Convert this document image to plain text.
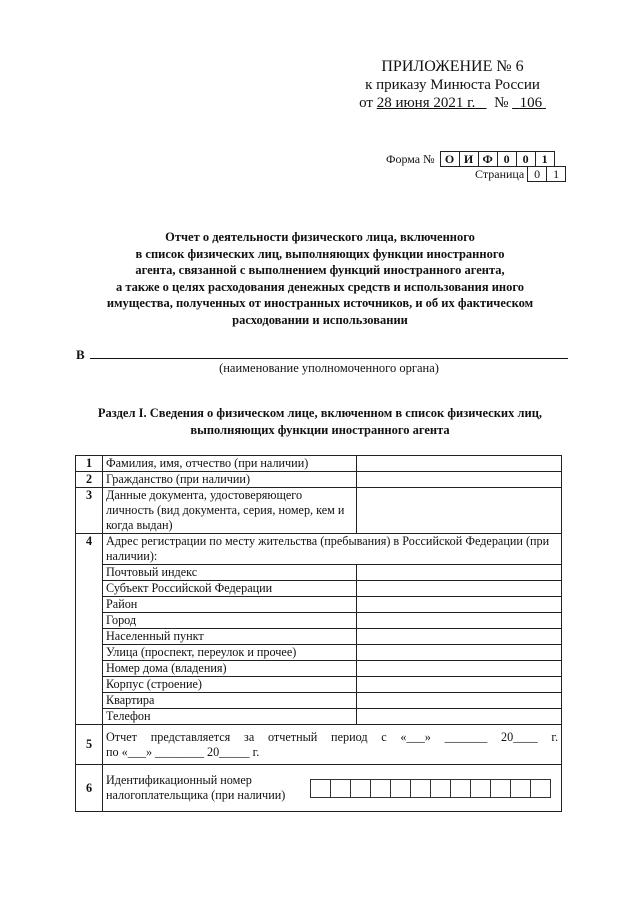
ПРИЛОЖЕНИЕ № 6
к приказу Минюста России
от 28 июня 2021 г. № 106
Форма № О И Ф 0	0	1
Страница 0	1
Отчет о деятельности физического лица, включенного
в список физических лиц, выполняющих функции иностранного
агента, связанной с выполнением функций иностранного агента,
а также о целях расходования денежных средств и использования иного
имущества, полученных от иностранных источников, и об их фактическом
расходовании и использовании
В
(наименование уполномоченного органа)
Раздел I. Сведения о физическом лице, включенном в список физических лиц,
выполняющих функции иностранного агента
1	Фамилия, имя, отчество (при наличии)	
2	Гражданство (при наличии)	
3	Данные документа, удостоверяющего личность (вид документа, серия, номер, кем и когда выдан)	
4	Адрес регистрации по месту жительства (пребывания) в Российской Федерации (при наличии):	
	Почтовый индекс	

	Субъект Российской Федерации	
	Район	
	Город	
	Населенный пункт	
	Улица (проспект, переулок и прочее)	
	Номер дома (владения)	
	Корпус (строение)	
	Квартира	
	Телефон	
5	Отчет представляется за отчетный период с «___» _______ 20____ г.
по «___» ________ 20_____ г.	

6	Идентификационный номер
налогоплательщика (при наличии)	
